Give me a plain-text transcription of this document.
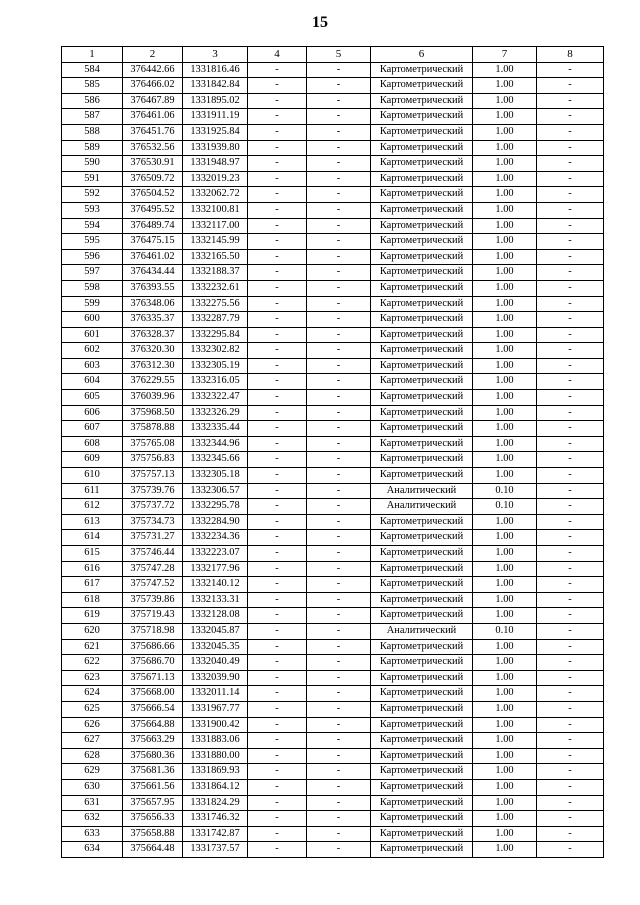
15
1	2	3	4	5	6	7	8
584	376442.66	1331816.46	-	-	Картометрический	1.00	-
585	376466.02	1331842.84	-	-	Картометрический	1.00	-
586	376467.89	1331895.02	-	-	Картометрический	1.00	-
587	376461.06	1331911.19	-	-	Картометрический	1.00	-
588	376451.76	1331925.84	-	-	Картометрический	1.00	-
589	376532.56	1331939.80	-	-	Картометрический	1.00	-
590	376530.91	1331948.97	-	-	Картометрический	1.00	-
591	376509.72	1332019.23	-	-	Картометрический	1.00	-
592	376504.52	1332062.72	-	-	Картометрический	1.00	-
593	376495.52	1332100.81	-	-	Картометрический	1.00	-
594	376489.74	1332117.00	-	-	Картометрический	1.00	-
595	376475.15	1332145.99	-	-	Картометрический	1.00	-
596	376461.02	1332165.50	-	-	Картометрический	1.00	-
597	376434.44	1332188.37	-	-	Картометрический	1.00	-
598	376393.55	1332232.61	-	-	Картометрический	1.00	-
599	376348.06	1332275.56	-	-	Картометрический	1.00	-
600	376335.37	1332287.79	-	-	Картометрический	1.00	-
601	376328.37	1332295.84	-	-	Картометрический	1.00	-
602	376320.30	1332302.82	-	-	Картометрический	1.00	-
603	376312.30	1332305.19	-	-	Картометрический	1.00	-
604	376229.55	1332316.05	-	-	Картометрический	1.00	-
605	376039.96	1332322.47	-	-	Картометрический	1.00	-
606	375968.50	1332326.29	-	-	Картометрический	1.00	-
607	375878.88	1332335.44	-	-	Картометрический	1.00	-
608	375765.08	1332344.96	-	-	Картометрический	1.00	-
609	375756.83	1332345.66	-	-	Картометрический	1.00	-
610	375757.13	1332305.18	-	-	Картометрический	1.00	-
611	375739.76	1332306.57	-	-	Аналитический	0.10	-
612	375737.72	1332295.78	-	-	Аналитический	0.10	-
613	375734.73	1332284.90	-	-	Картометрический	1.00	-
614	375731.27	1332234.36	-	-	Картометрический	1.00	-
615	375746.44	1332223.07	-	-	Картометрический	1.00	-
616	375747.28	1332177.96	-	-	Картометрический	1.00	-
617	375747.52	1332140.12	-	-	Картометрический	1.00	-
618	375739.86	1332133.31	-	-	Картометрический	1.00	-
619	375719.43	1332128.08	-	-	Картометрический	1.00	-
620	375718.98	1332045.87	-	-	Аналитический	0.10	-
621	375686.66	1332045.35	-	-	Картометрический	1.00	-
622	375686.70	1332040.49	-	-	Картометрический	1.00	-
623	375671.13	1332039.90	-	-	Картометрический	1.00	-
624	375668.00	1332011.14	-	-	Картометрический	1.00	-
625	375666.54	1331967.77	-	-	Картометрический	1.00	-
626	375664.88	1331900.42	-	-	Картометрический	1.00	-
627	375663.29	1331883.06	-	-	Картометрический	1.00	-
628	375680.36	1331880.00	-	-	Картометрический	1.00	-
629	375681.36	1331869.93	-	-	Картометрический	1.00	-
630	375661.56	1331864.12	-	-	Картометрический	1.00	-
631	375657.95	1331824.29	-	-	Картометрический	1.00	-
632	375656.33	1331746.32	-	-	Картометрический	1.00	-
633	375658.88	1331742.87	-	-	Картометрический	1.00	-
634	375664.48	1331737.57	-	-	Картометрический	1.00	-
